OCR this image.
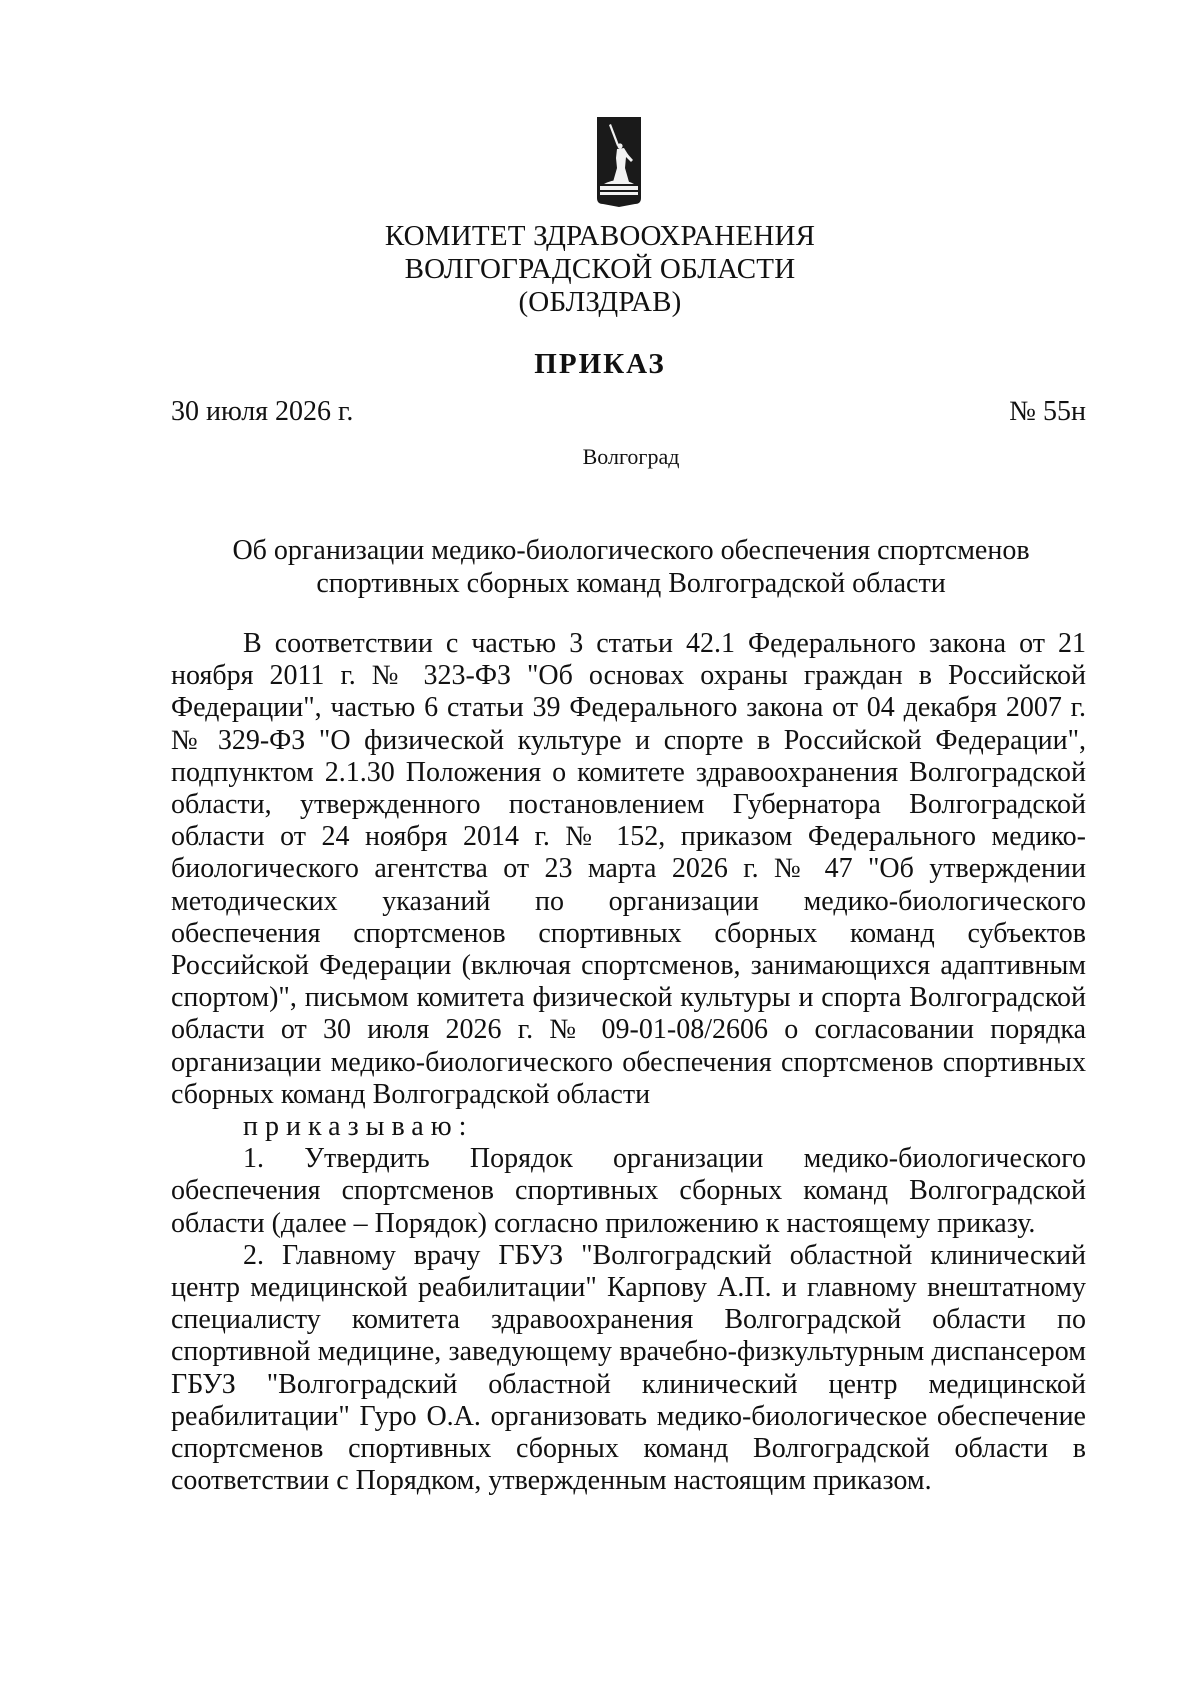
КОМИТЕТ ЗДРАВООХРАНЕНИЯ
ВОЛГОГРАДСКОЙ ОБЛАСТИ
(ОБЛЗДРАВ)
ПРИКАЗ
30 июля 2026 г.	№ 55н
Волгоград
Об организации медико-биологического обеспечения спортсменов
спортивных сборных команд Волгоградской области

В соответствии с частью 3 статьи 42.1 Федерального закона от 21 ноября 2011 г. № 323-ФЗ "Об основах охраны граждан в Российской Федерации", частью 6 статьи 39 Федерального закона от 04 декабря 2007 г. № 329-ФЗ "О физической культуре и спорте в Российской Федерации", подпунктом 2.1.30 Положения о комитете здравоохранения Волгоградской области, утвержденного постановлением Губернатора Волгоградской области от 24 ноября 2014 г. № 152, приказом Федерального медико-биологического агентства от 23 марта 2026 г. № 47 "Об утверждении методических указаний по организации медико-биологического обеспечения спортсменов спортивных сборных команд субъектов Российской Федерации (включая спортсменов, занимающихся адаптивным спортом)", письмом комитета физической культуры и спорта Волгоградской области от 30 июля 2026 г. № 09-01-08/2606 о согласовании порядка организации медико-биологического обеспечения спортсменов спортивных сборных команд Волгоградской области

приказываю:

1. Утвердить Порядок организации медико-биологического обеспечения спортсменов спортивных сборных команд Волгоградской области (далее – Порядок) согласно приложению к настоящему приказу.

2. Главному врачу ГБУЗ "Волгоградский областной клинический центр медицинской реабилитации" Карпову А.П. и главному внештатному специалисту комитета здравоохранения Волгоградской области по спортивной медицине, заведующему врачебно-физкультурным диспансером ГБУЗ "Волгоградский областной клинический центр медицинской реабилитации" Гуро О.А. организовать медико-биологическое обеспечение спортсменов спортивных сборных команд Волгоградской области в соответствии с Порядком, утвержденным настоящим приказом.
